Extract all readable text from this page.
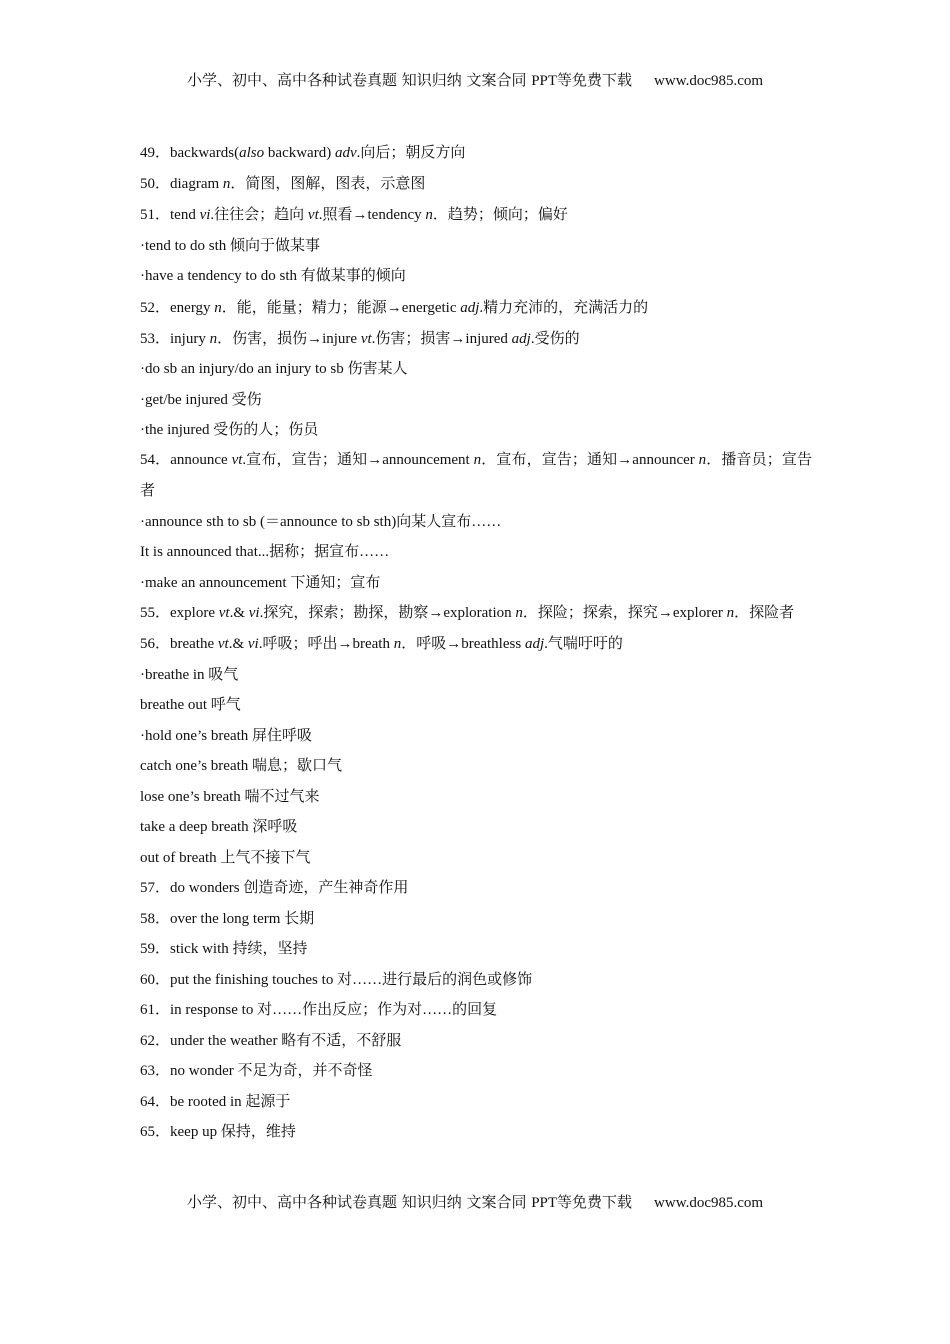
小学、初中、高中各种试卷真题 知识归纳 文案合同 PPT等免费下载 www.doc985.com
49．backwards(also backward) adv.向后；朝反方向
50．diagram n．简图，图解，图表，示意图
51．tend vi.往往会；趋向 vt.照看→tendency n．趋势；倾向；偏好
·tend to do sth 倾向于做某事
·have a tendency to do sth 有做某事的倾向
52．energy n．能，能量；精力；能源→energetic adj.精力充沛的，充满活力的
53．injury n．伤害，损伤→injure vt.伤害；损害→injured adj.受伤的
·do sb an injury/do an injury to sb 伤害某人
·get/be injured 受伤
·the injured 受伤的人；伤员
54．announce vt.宣布，宣告；通知→announcement n．宣布，宣告；通知→announcer n．播音员；宣告者
·announce sth to sb (＝announce to sb sth)向某人宣布……
It is announced that...据称；据宣布……
·make an announcement 下通知；宣布
55．explore vt.& vi.探究，探索；勘探，勘察→exploration n．探险；探索，探究→explorer n．探险者
56．breathe vt.& vi.呼吸；呼出→breath n．呼吸→breathless adj.气喘吁吁的
·breathe in 吸气
breathe out 呼气
·hold one’s breath 屏住呼吸
catch one’s breath 喘息；歇口气
lose one’s breath 喘不过气来
take a deep breath 深呼吸
out of breath 上气不接下气
57．do wonders 创造奇迹，产生神奇作用
58．over the long term 长期
59．stick with 持续，坚持
60．put the finishing touches to 对……进行最后的润色或修饰
61．in response to 对……作出反应；作为对……的回复
62．under the weather 略有不适，不舒服
63．no wonder 不足为奇，并不奇怪
64．be rooted in 起源于
65．keep up 保持，维持
小学、初中、高中各种试卷真题 知识归纳 文案合同 PPT等免费下载 www.doc985.com
